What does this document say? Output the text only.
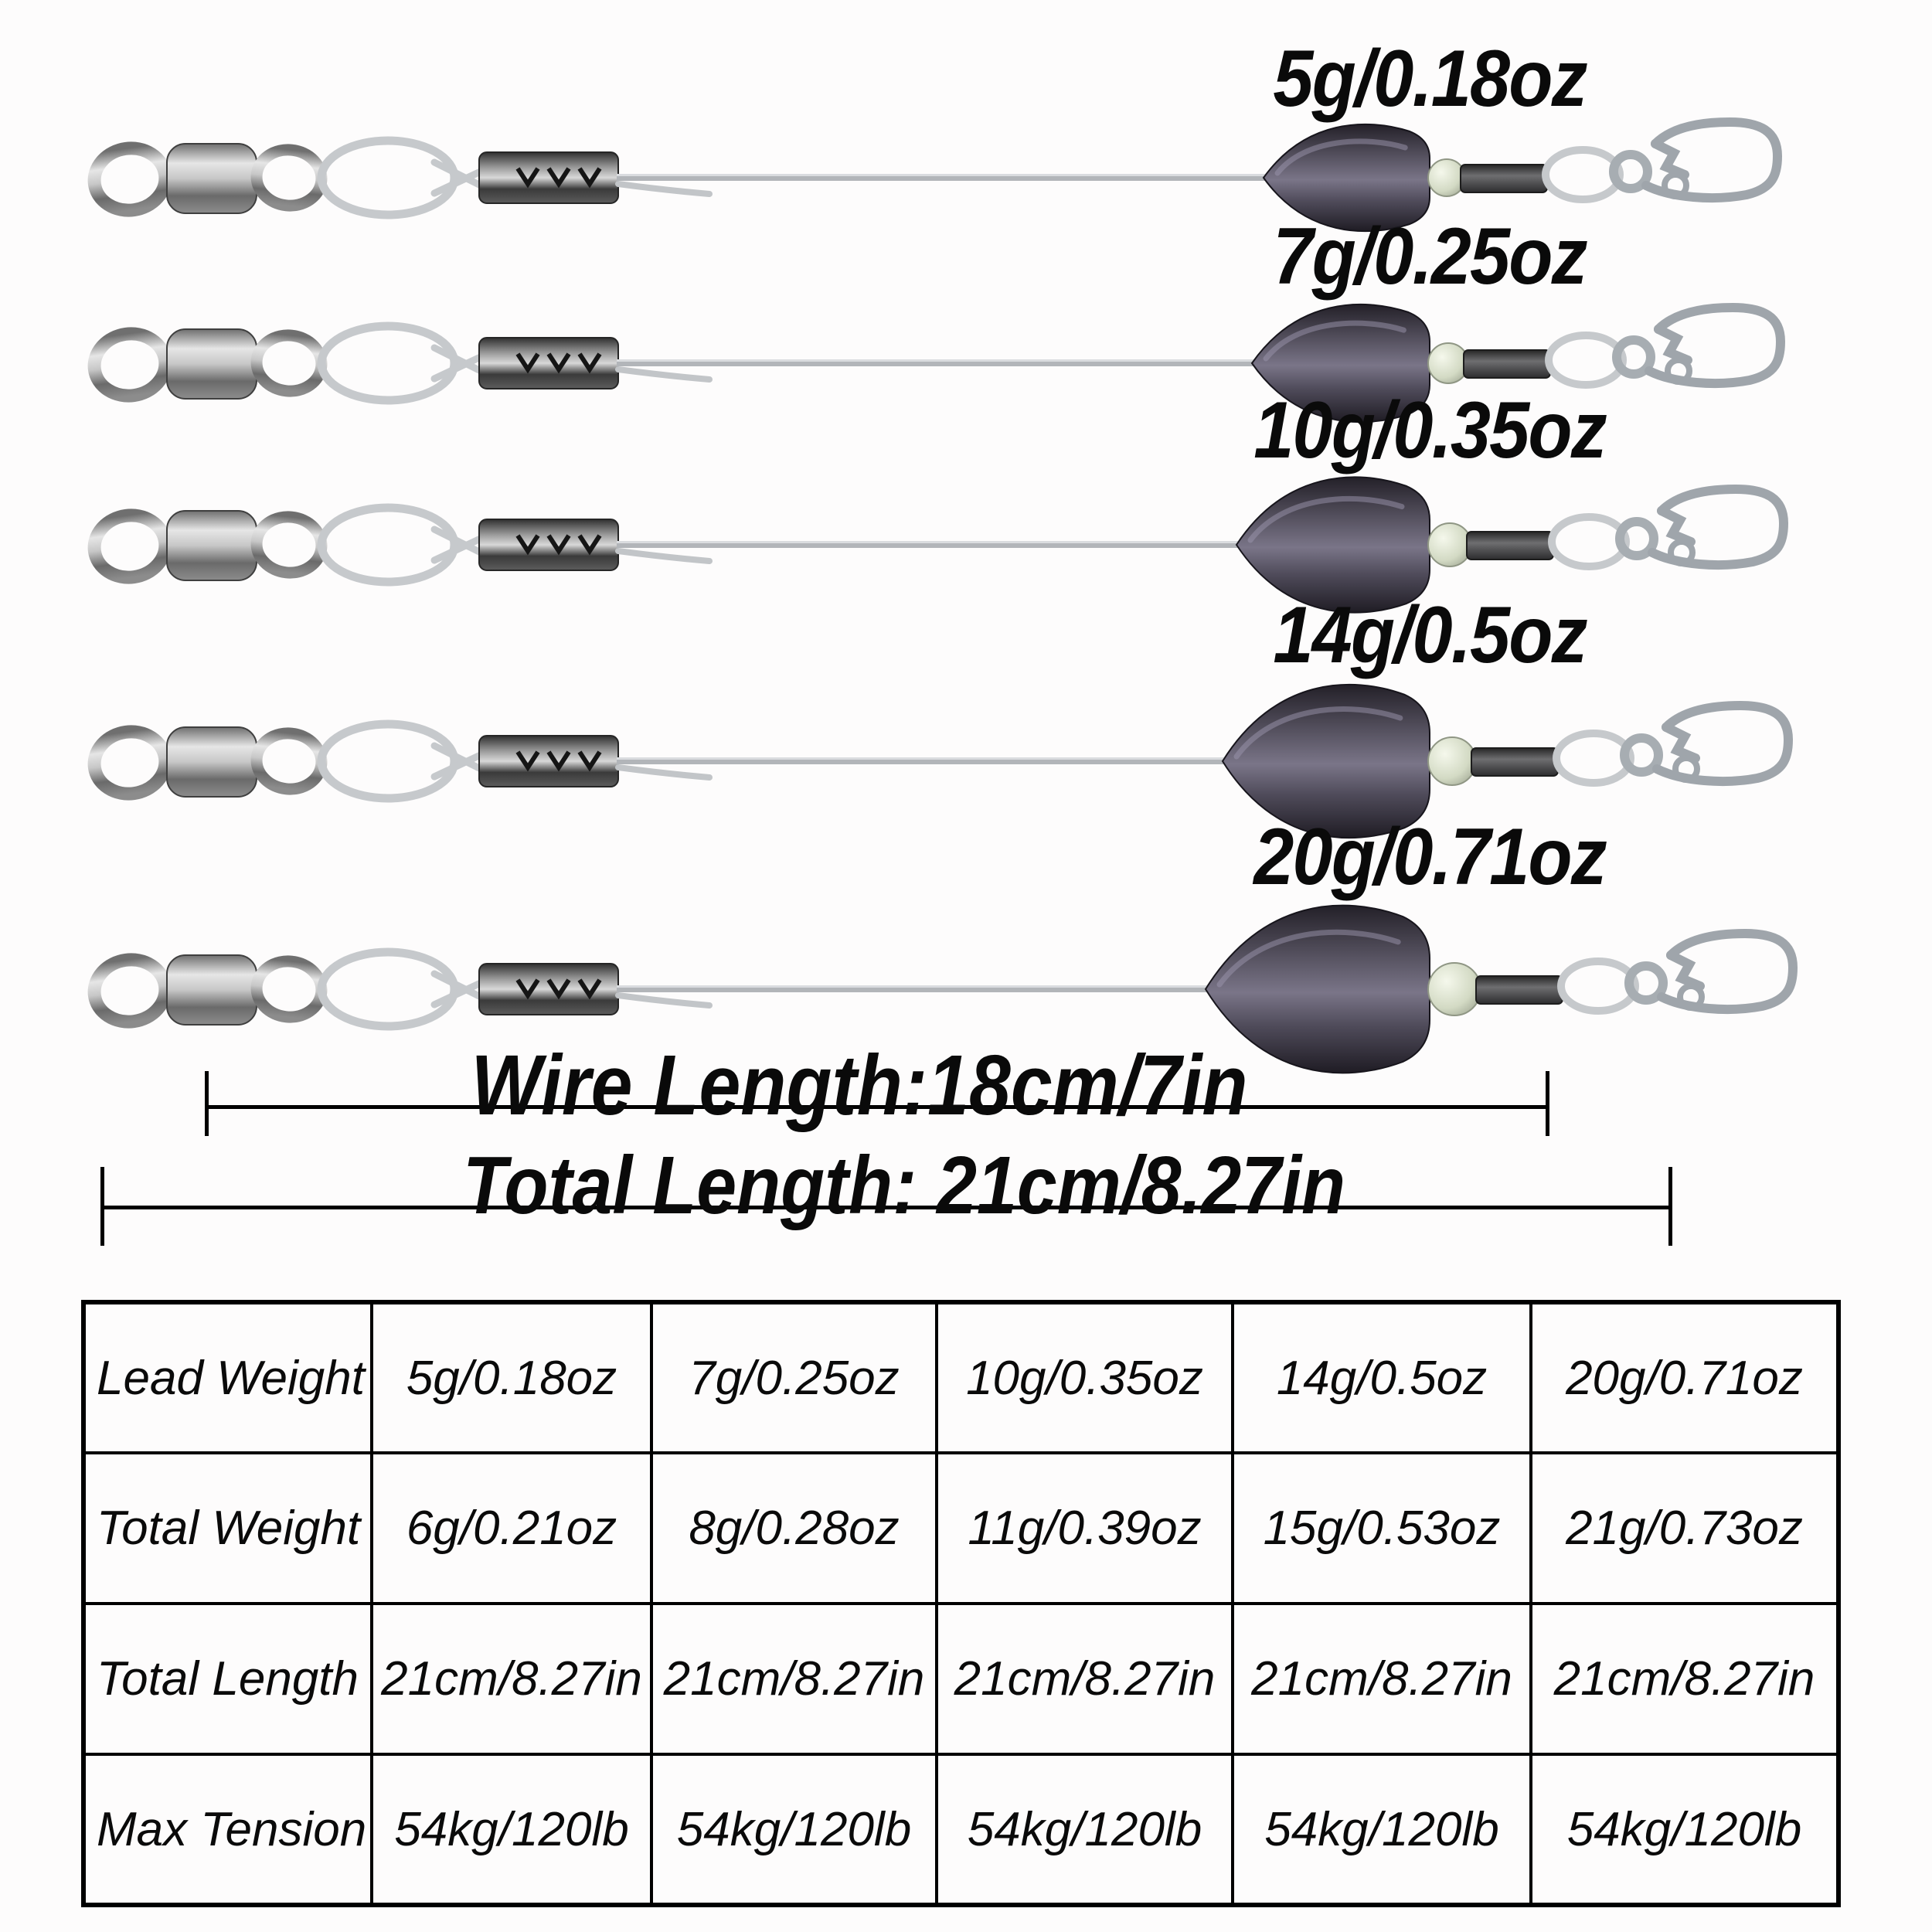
5g/0.18oz
7g/0.25oz
10g/0.35oz
14g/0.5oz
20g/0.71oz
Wire Length:18cm/7in
Total Length: 21cm/8.27in
Lead Weight	5g/0.18oz	7g/0.25oz	10g/0.35oz	14g/0.5oz	20g/0.71oz
Total Weight	6g/0.21oz	8g/0.28oz	11g/0.39oz	15g/0.53oz	21g/0.73oz
Total Length	21cm/8.27in	21cm/8.27in	21cm/8.27in	21cm/8.27in	21cm/8.27in
Max Tension	54kg/120lb	54kg/120lb	54kg/120lb	54kg/120lb	54kg/120lb
